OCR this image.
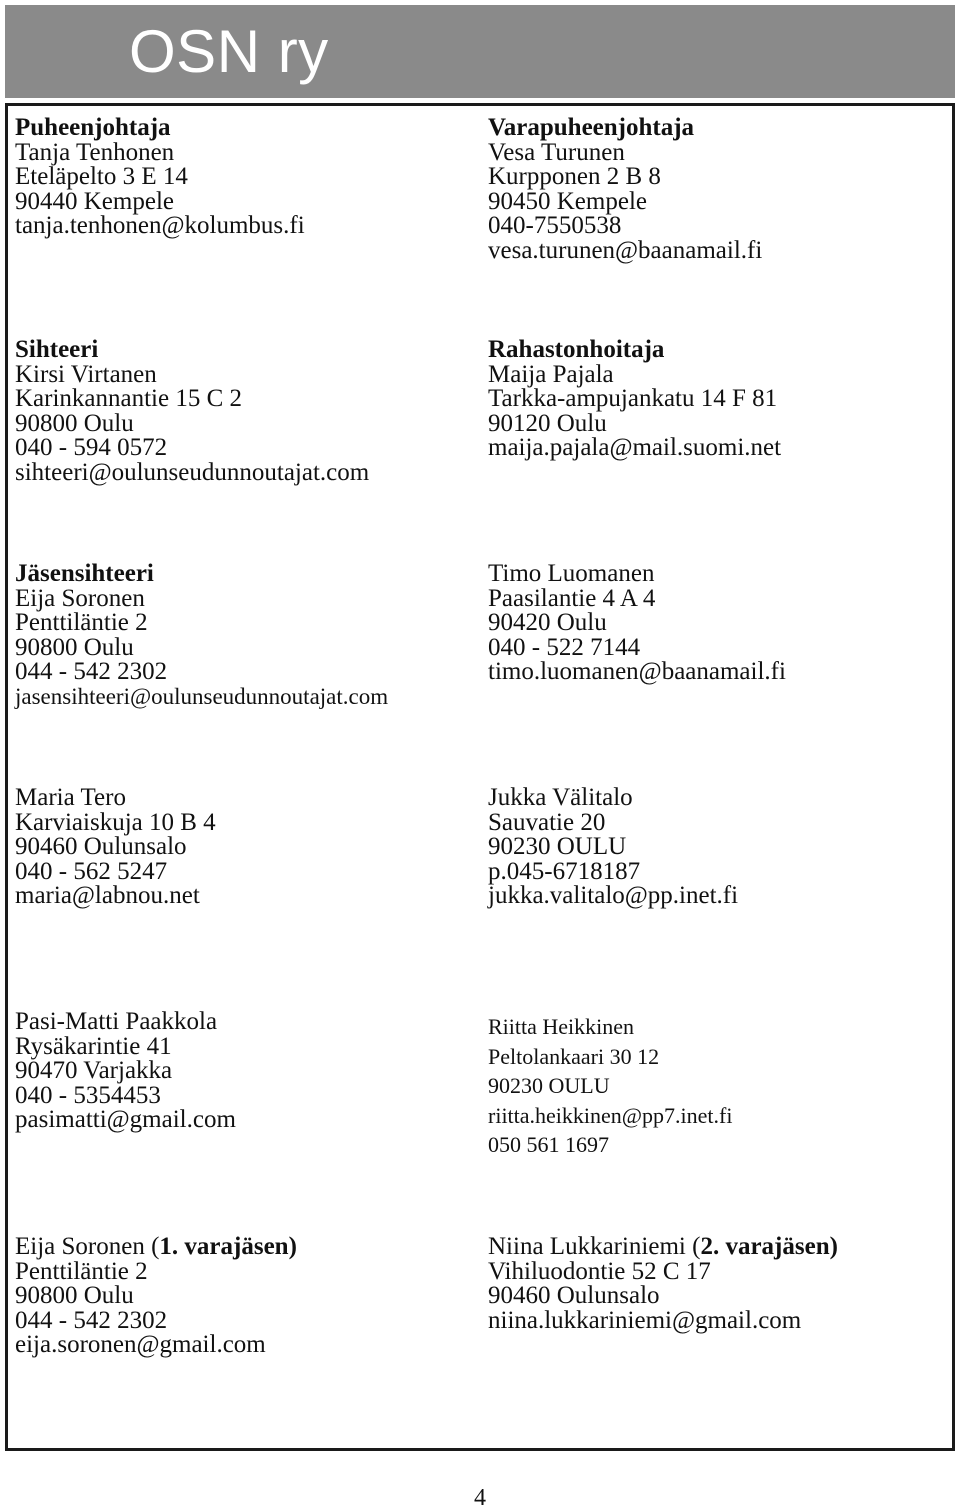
OSN ry
Puheenjohtaja
Tanja Tenhonen
Eteläpelto 3 E 14
90440 Kempele
tanja.tenhonen@kolumbus.fi
Varapuheenjohtaja
Vesa Turunen
Kurpponen 2 B 8
90450 Kempele
040-7550538
vesa.turunen@baanamail.fi
Sihteeri
Kirsi Virtanen
Karinkannantie 15 C 2
90800 Oulu
040 - 594 0572
sihteeri@oulunseudunnoutajat.com
Rahastonhoitaja
Maija Pajala
Tarkka-ampujankatu 14 F 81
90120 Oulu
maija.pajala@mail.suomi.net
Jäsensihteeri
Eija Soronen
Penttiläntie 2
90800 Oulu
044 - 542 2302
jasensihteeri@oulunseudunnoutajat.com
Timo Luomanen
Paasilantie 4 A 4
90420 Oulu
040 - 522 7144
timo.luomanen@baanamail.fi
Maria Tero
Karviaiskuja 10 B 4
90460 Oulunsalo
040 - 562 5247
maria@labnou.net
Jukka Välitalo
Sauvatie 20
90230 OULU
p.045-6718187
jukka.valitalo@pp.inet.fi
Pasi-Matti Paakkola
Rysäkarintie 41
90470 Varjakka
040 - 5354453
pasimatti@gmail.com
Riitta Heikkinen
Peltolankaari 30 12
90230 OULU
riitta.heikkinen@pp7.inet.fi
050 561 1697
Eija Soronen (1. varajäsen)
Penttiläntie 2
90800 Oulu
044 - 542 2302
eija.soronen@gmail.com
Niina Lukkariniemi (2. varajäsen)
Vihiluodontie 52 C 17
90460 Oulunsalo
niina.lukkariniemi@gmail.com
4
